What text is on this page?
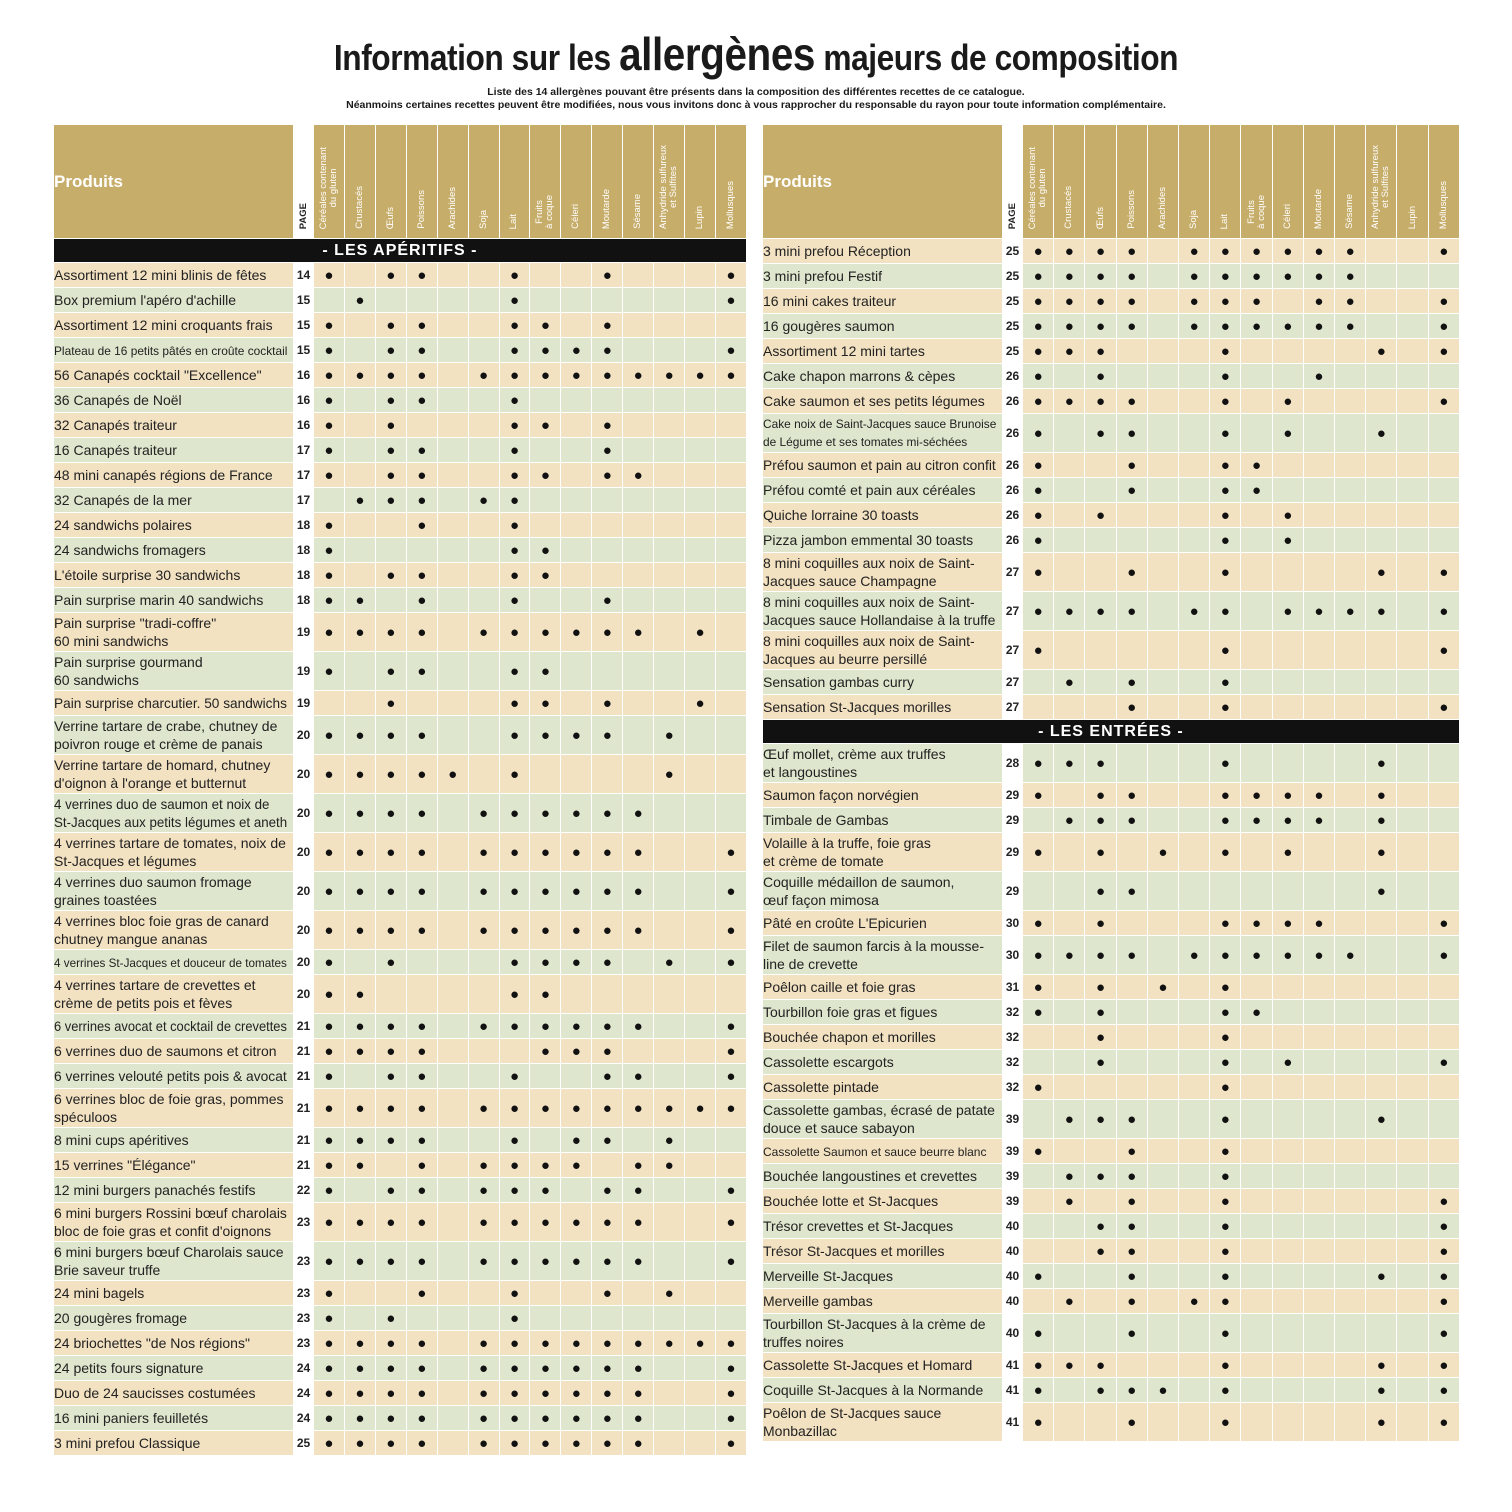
Information sur les allergènes majeurs de composition
Liste des 14 allergènes pouvant être présents dans la composition des différentes recettes de ce catalogue.
Néanmoins certaines recettes peuvent être modifiées, nous vous invitons donc à vous rapprocher du responsable du rayon pour toute information complémentaire.
Produits	PAGE	Céréales contenant
du gluten	Crustacés	Œufs	Poissons	Arachides	Soja	Lait	Fruits
à coque	Céleri	Moutarde	Sésame	Anhydride sulfureux
et Sulfites	Lupin	Mollusques
- LES APÉRITIFS -															
Assortiment 12 mini blinis de fêtes	14	●		●	●			●			●				●
Box premium l'apéro d'achille	15		●					●							●
Assortiment 12 mini croquants frais	15	●		●	●			●	●		●				
Plateau de 16 petits pâtés en croûte cocktail	15	●		●	●			●	●	●	●				●
56 Canapés cocktail "Excellence"	16	●	●	●	●		●	●	●	●	●	●	●	●	●
36 Canapés de Noël	16	●		●	●			●							
32 Canapés traiteur	16	●		●				●	●		●				
16 Canapés traiteur	17	●		●	●			●			●				
48 mini canapés régions de France	17	●		●	●			●	●		●	●			
32 Canapés de la mer	17		●	●	●		●	●							
24 sandwichs polaires	18	●			●			●							
24 sandwichs fromagers	18	●						●	●						
L'étoile surprise 30 sandwichs	18	●		●	●			●	●						
Pain surprise marin 40 sandwichs	18	●	●		●			●			●				
Pain surprise "tradi-coffre"
60 mini sandwichs	19	●	●	●	●		●	●	●	●	●	●		●	
Pain surprise gourmand
60 sandwichs	19	●		●	●			●	●						
Pain surprise charcutier. 50 sandwichs	19			●				●	●		●			●	
Verrine tartare de crabe, chutney de
poivron rouge et crème de panais	20	●	●	●	●			●	●	●	●		●		
Verrine tartare de homard, chutney
d'oignon à l'orange et butternut	20	●	●	●	●	●		●					●		
4 verrines duo de saumon et noix de
St-Jacques aux petits légumes et aneth	20	●	●	●	●		●	●	●	●	●	●			
4 verrines tartare de tomates, noix de
St-Jacques et légumes	20	●	●	●	●		●	●	●	●	●	●			●
4 verrines duo saumon fromage
graines toastées	20	●	●	●	●		●	●	●	●	●	●			●
4 verrines bloc foie gras de canard
chutney mangue ananas	20	●	●	●	●		●	●	●	●	●	●			●
4 verrines St-Jacques et douceur de tomates	20	●		●				●	●	●	●		●		●
4 verrines tartare de crevettes et
crème de petits pois et fèves	20	●	●					●	●						
6 verrines avocat et cocktail de crevettes	21	●	●	●	●		●	●	●	●	●	●			●
6 verrines duo de saumons et citron	21	●	●	●	●				●	●	●				●
6 verrines velouté petits pois & avocat	21	●		●	●			●			●	●			●
6 verrines bloc de foie gras, pommes
spéculoos	21	●	●	●	●		●	●	●	●	●	●	●	●	●
8 mini cups apéritives	21	●	●	●	●			●		●	●		●		
15 verrines "Élégance"	21	●	●		●		●	●	●	●		●	●		
12 mini burgers panachés festifs	22	●		●	●		●	●	●		●	●			●
6 mini burgers Rossini bœuf charolais
bloc de foie gras et confit d'oignons	23	●	●	●	●		●	●	●	●	●	●			●
6 mini burgers bœuf Charolais sauce
Brie saveur truffe	23	●	●	●	●		●	●	●	●	●	●			●
24 mini bagels	23	●			●			●			●		●		
20 gougères fromage	23	●		●				●							
24 briochettes "de Nos régions"	23	●	●	●	●		●	●	●	●	●	●	●	●	●
24 petits fours signature	24	●	●	●	●		●	●	●	●	●	●			●
Duo de 24 saucisses costumées	24	●	●	●	●		●	●	●	●	●	●			●
16 mini paniers feuilletés	24	●	●	●	●		●	●	●	●	●	●			●
3 mini prefou Classique	25	●	●	●	●		●	●	●	●	●	●			●
Produits	PAGE	Céréales contenant
du gluten	Crustacés	Œufs	Poissons	Arachides	Soja	Lait	Fruits
à coque	Céleri	Moutarde	Sésame	Anhydride sulfureux
et Sulfites	Lupin	Mollusques
3 mini prefou Réception	25	●	●	●	●		●	●	●	●	●	●			●
3 mini prefou Festif	25	●	●	●	●		●	●	●	●	●	●			
16 mini cakes traiteur	25	●	●	●	●		●	●	●		●	●			●
16 gougères saumon	25	●	●	●	●		●	●	●	●	●	●			●
Assortiment 12 mini tartes	25	●	●	●				●					●		●
Cake chapon marrons & cèpes	26	●		●				●			●				
Cake saumon et ses petits légumes	26	●	●	●	●			●		●					●
Cake noix de Saint-Jacques sauce Brunoise
de Légume et ses tomates mi-séchées	26	●		●	●			●		●			●		
Préfou saumon et pain au citron confit	26	●			●			●	●						
Préfou comté et pain aux céréales	26	●			●			●	●						
Quiche lorraine 30 toasts	26	●		●				●		●					
Pizza jambon emmental 30 toasts	26	●						●		●					
8 mini coquilles aux noix de Saint-
Jacques sauce Champagne	27	●			●			●					●		●
8 mini coquilles aux noix de Saint-
Jacques sauce Hollandaise à la truffe	27	●	●	●	●		●	●		●	●	●	●		●
8 mini coquilles aux noix de Saint-
Jacques au beurre persillé	27	●						●							●
Sensation gambas curry	27		●		●			●							
Sensation St-Jacques morilles	27				●			●							●
- LES ENTRÉES -															
Œuf mollet, crème aux truffes
et langoustines	28	●	●	●				●					●		
Saumon façon norvégien	29	●		●	●			●	●	●	●		●		
Timbale de Gambas	29		●	●	●			●	●	●	●		●		
Volaille à la truffe, foie gras
et crème de tomate	29	●		●		●		●		●			●		
Coquille médaillon de saumon,
œuf façon mimosa	29			●	●								●		
Pâté en croûte L'Epicurien	30	●		●				●	●	●	●				●
Filet de saumon farcis à la mousse-
line de crevette	30	●	●	●	●		●	●	●	●	●	●			●
Poêlon caille et foie gras	31	●		●		●		●							
Tourbillon foie gras et figues	32	●		●				●	●						
Bouchée chapon et morilles	32			●				●							
Cassolette escargots	32			●				●		●					●
Cassolette pintade	32	●						●							
Cassolette gambas, écrasé de patate
douce et sauce sabayon	39		●	●	●			●					●		
Cassolette Saumon et sauce beurre blanc	39	●			●			●							
Bouchée langoustines et crevettes	39		●	●	●			●							
Bouchée lotte et St-Jacques	39		●		●			●							●
Trésor crevettes et St-Jacques	40			●	●			●							●
Trésor St-Jacques et morilles	40			●	●			●							●
Merveille St-Jacques	40	●			●			●					●		●
Merveille gambas	40		●		●		●	●							●
Tourbillon St-Jacques à la crème de
truffes noires	40	●			●			●							●
Cassolette St-Jacques et Homard	41	●	●	●				●					●		●
Coquille St-Jacques à la Normande	41	●		●	●	●		●					●		●
Poêlon de St-Jacques sauce
Monbazillac	41	●			●			●					●		●
